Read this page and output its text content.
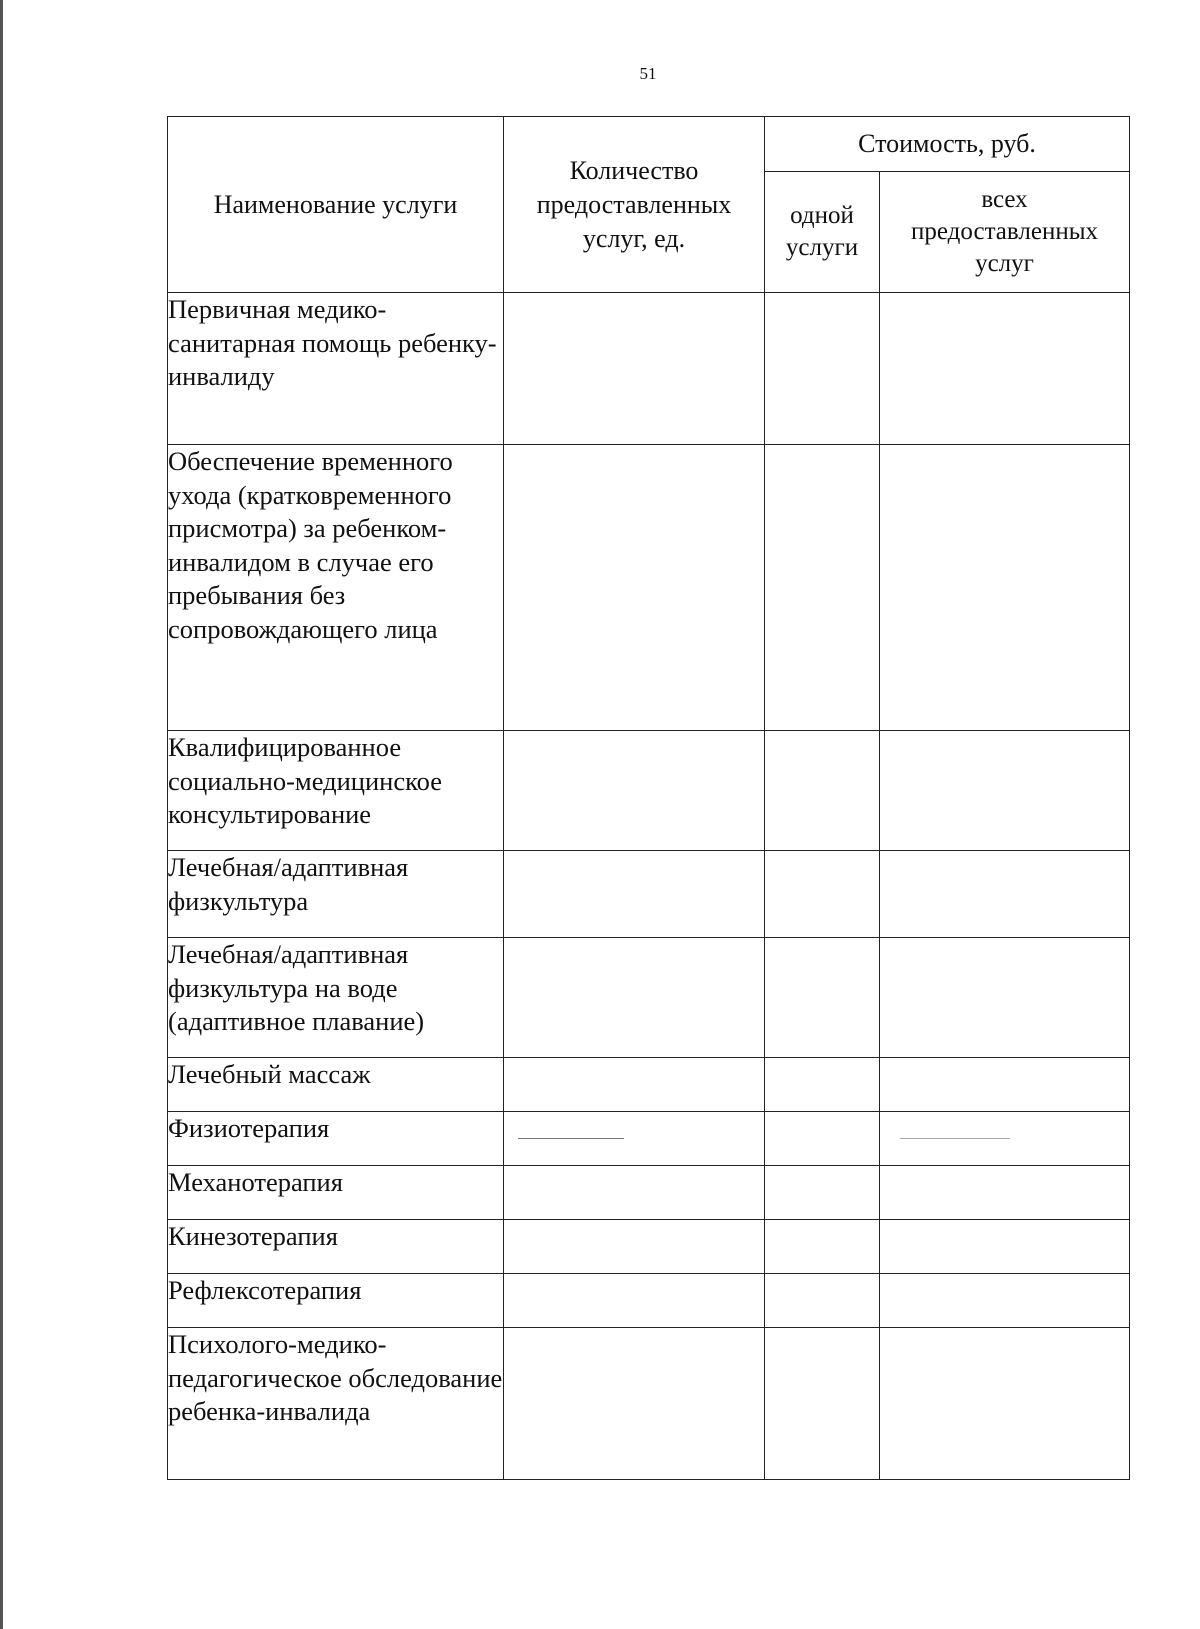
51
Наименование услуги	Количество предоставленных услуг, ед.	Стоимость, руб.	
		одной услуги	всех предоставленных услуг
Первичная медико-санитарная помощь ребенку-инвалиду			
Обеспечение временного ухода (кратковременного присмотра) за ребенком-инвалидом в случае его пребывания без сопровождающего лица			
Квалифицированное социально-медицинское консультирование			
Лечебная/адаптивная физкультура			
Лечебная/адаптивная физкультура на воде (адаптивное плавание)			
Лечебный массаж			
Физиотерапия	

Механотерапия			
Кинезотерапия			
Рефлексотерапия			
Психолого-медико-педагогическое обследование ребенка-инвалида			
